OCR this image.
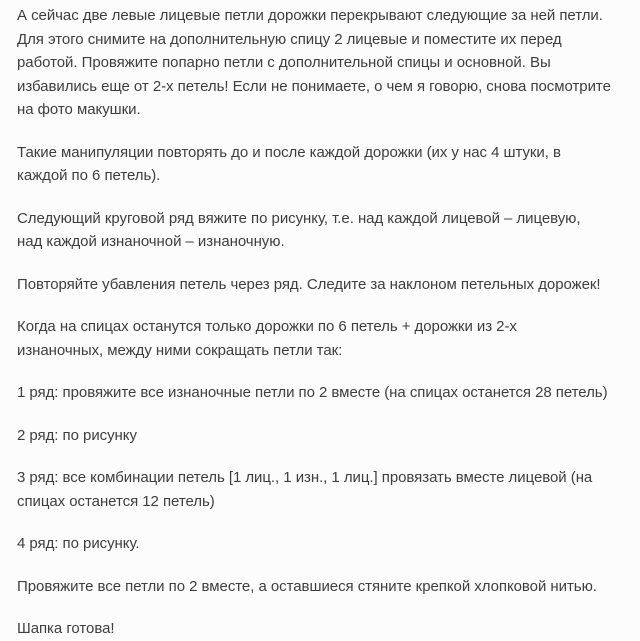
А сейчас две левые лицевые петли дорожки перекрывают следующие за ней петли.
Для этого снимите на дополнительную спицу 2 лицевые и поместите их перед
работой. Провяжите попарно петли с дополнительной спицы и основной. Вы
избавились еще от 2-х петель! Если не понимаете, о чем я говорю, снова посмотрите
на фото макушки.

Такие манипуляции повторять до и после каждой дорожки (их у нас 4 штуки, в
каждой по 6 петель).

Следующий круговой ряд вяжите по рисунку, т.е. над каждой лицевой – лицевую,
над каждой изнаночной – изнаночную.

Повторяйте убавления петель через ряд. Следите за наклоном петельных дорожек!

Когда на спицах останутся только дорожки по 6 петель + дорожки из 2-х
изнаночных, между ними сокращать петли так:

1 ряд: провяжите все изнаночные петли по 2 вместе (на спицах останется 28 петель)

2 ряд: по рисунку

3 ряд: все комбинации петель [1 лиц., 1 изн., 1 лиц.] провязать вместе лицевой (на
спицах останется 12 петель)

4 ряд: по рисунку.

Провяжите все петли по 2 вместе, а оставшиеся стяните крепкой хлопковой нитью.

Шапка готова!
